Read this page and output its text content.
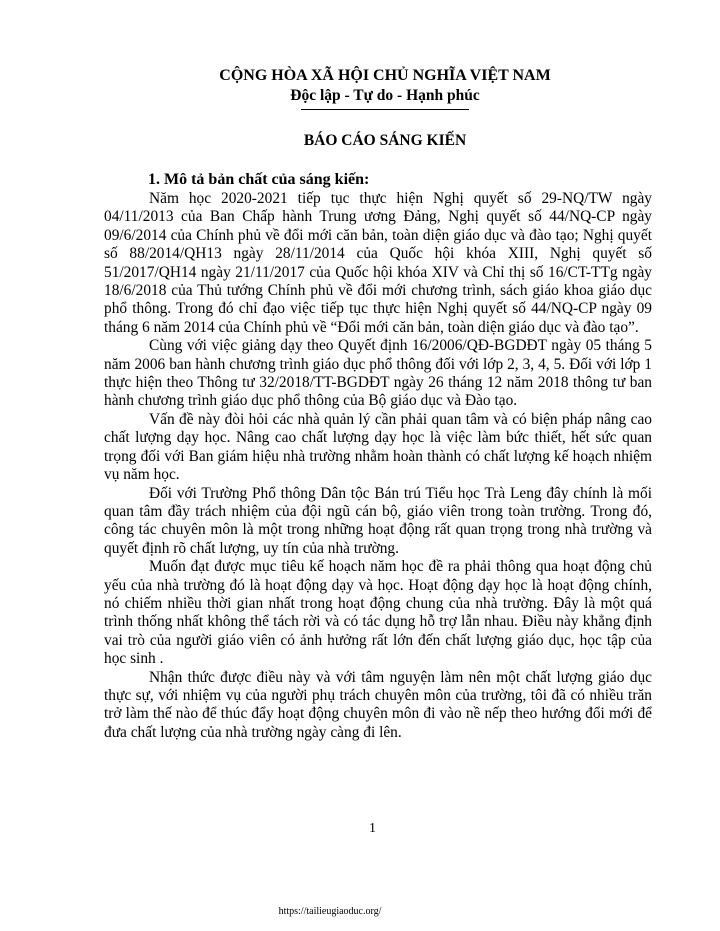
CỘNG HÒA XÃ HỘI CHỦ NGHĨA VIỆT NAM
Độc lập - Tự do - Hạnh phúc
BÁO CÁO SÁNG KIẾN
1. Mô tả bản chất của sáng kiến:

Năm học 2020-2021 tiếp tục thực hiện Nghị quyết số 29-NQ/TW ngày 04/11/2013 của Ban Chấp hành Trung ương Đảng, Nghị quyết số 44/NQ-CP ngày 09/6/2014 của Chính phủ về đổi mới căn bản, toàn diện giáo dục và đào tạo; Nghị quyết số 88/2014/QH13 ngày 28/11/2014 của Quốc hội khóa XIII, Nghị quyết số 51/2017/QH14 ngày 21/11/2017 của Quốc hội khóa XIV và Chỉ thị số 16/CT-TTg ngày 18/6/2018 của Thủ tướng Chính phủ về đổi mới chương trình, sách giáo khoa giáo dục phổ thông. Trong đó chỉ đạo việc tiếp tục thực hiện Nghị quyết số 44/NQ-CP ngày 09 tháng 6 năm 2014 của Chính phủ về “Đổi mới căn bản, toàn diện giáo dục và đào tạo”.

Cùng với việc giảng dạy theo Quyết định 16/2006/QĐ-BGDĐT ngày 05 tháng 5 năm 2006 ban hành chương trình giáo dục phổ thông đối với lớp 2, 3, 4, 5. Đối với lớp 1 thực hiện theo Thông tư 32/2018/TT-BGDĐT ngày 26 tháng 12 năm 2018 thông tư ban hành chương trình giáo dục phổ thông của Bộ giáo dục và Đào tạo.

Vấn đề này đòi hỏi các nhà quản lý cần phải quan tâm và có biện pháp nâng cao chất lượng dạy học. Nâng cao chất lượng dạy học là việc làm bức thiết, hết sức quan trọng đối với Ban giám hiệu nhà trường nhằm hoàn thành có chất lượng kế hoạch nhiệm vụ năm học.

Đối với Trường Phổ thông Dân tộc Bán trú Tiểu học Trà Leng đây chính là mối quan tâm đầy trách nhiệm của đội ngũ cán bộ, giáo viên trong toàn trường. Trong đó, công tác chuyên môn là một trong những hoạt động rất quan trọng trong nhà trường và quyết định rõ chất lượng, uy tín của nhà trường.

Muốn đạt được mục tiêu kế hoạch năm học đề ra phải thông qua hoạt động chủ yếu của nhà trường đó là hoạt động dạy và học. Hoạt động dạy học là hoạt động chính, nó chiếm nhiều thời gian nhất trong hoạt động chung của nhà trường. Đây là một quá trình thống nhất không thể tách rời và có tác dụng hỗ trợ lẫn nhau. Điều này khẳng định vai trò của người giáo viên có ảnh hưởng rất lớn đến chất lượng giáo dục, học tập của học sinh .

Nhận thức được điều này và với tâm nguyện làm nên một chất lượng giáo dục thực sự, với nhiệm vụ của người phụ trách chuyên môn của trường, tôi đã có nhiều trăn trở làm thế nào để thúc đẩy hoạt động chuyên môn đi vào nề nếp theo hướng đổi mới để đưa chất lượng của nhà trường ngày càng đi lên.

1
https://tailieugiaoduc.org/
